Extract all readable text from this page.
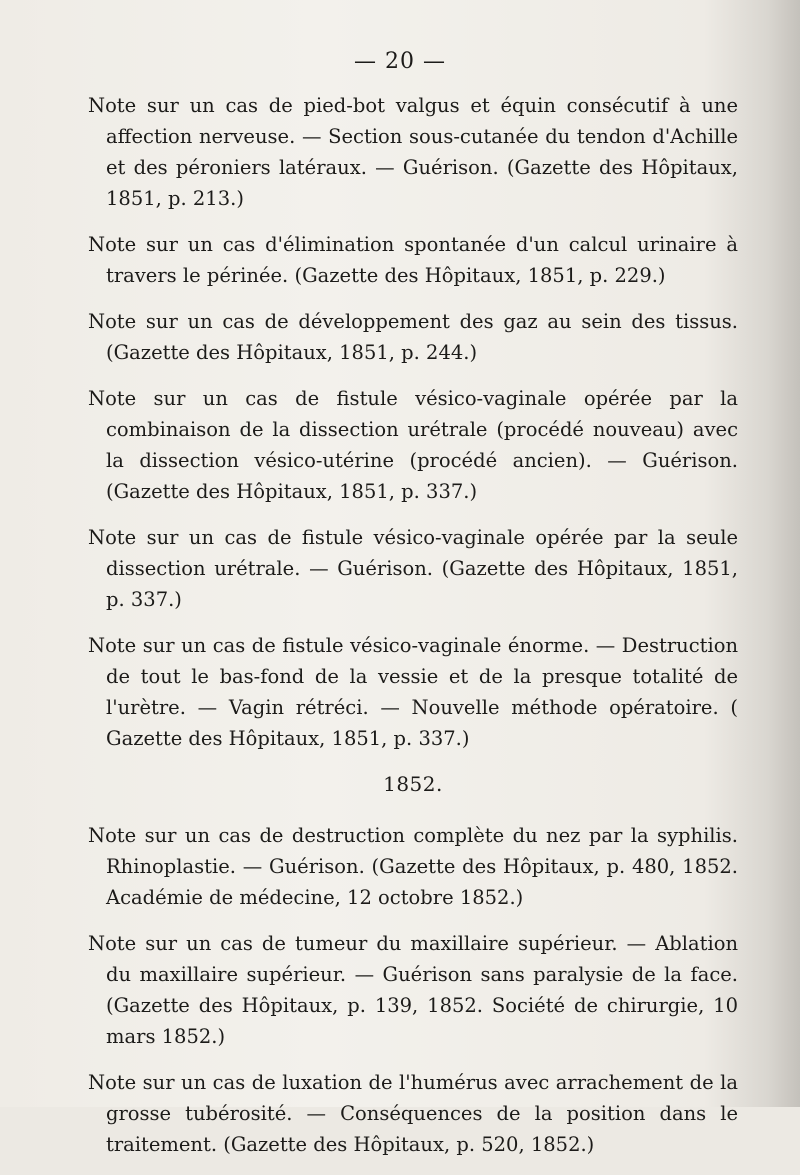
— 20 —

Note sur un cas de pied-bot valgus et équin consécutif à une affection nerveuse. — Section sous-cutanée du tendon d'Achille et des péroniers latéraux. — Guérison. (Gazette des Hôpitaux, 1851, p. 213.)

Note sur un cas d'élimination spontanée d'un calcul urinaire à travers le périnée. (Gazette des Hôpitaux, 1851, p. 229.)

Note sur un cas de développement des gaz au sein des tissus. (Gazette des Hôpitaux, 1851, p. 244.)

Note sur un cas de fistule vésico-vaginale opérée par la combinaison de la dissection urétrale (procédé nouveau) avec la dissection vésico-utérine (procédé ancien). — Guérison. (Gazette des Hôpitaux, 1851, p. 337.)

Note sur un cas de fistule vésico-vaginale opérée par la seule dissection urétrale. — Guérison. (Gazette des Hôpitaux, 1851, p. 337.)

Note sur un cas de fistule vésico-vaginale énorme. — Destruction de tout le bas-fond de la vessie et de la presque totalité de l'urètre. — Vagin rétréci. — Nouvelle méthode opératoire. ( Gazette des Hôpitaux, 1851, p. 337.)

1852.

Note sur un cas de destruction complète du nez par la syphilis. Rhinoplastie. — Guérison. (Gazette des Hôpitaux, p. 480, 1852. Académie de médecine, 12 octobre 1852.)

Note sur un cas de tumeur du maxillaire supérieur. — Ablation du maxillaire supérieur. — Guérison sans paralysie de la face. (Gazette des Hôpitaux, p. 139, 1852. Société de chirurgie, 10 mars 1852.)

Note sur un cas de luxation de l'humérus avec arrachement de la grosse tubérosité. — Conséquences de la position dans le traitement. (Gazette des Hôpitaux, p. 520, 1852.)
